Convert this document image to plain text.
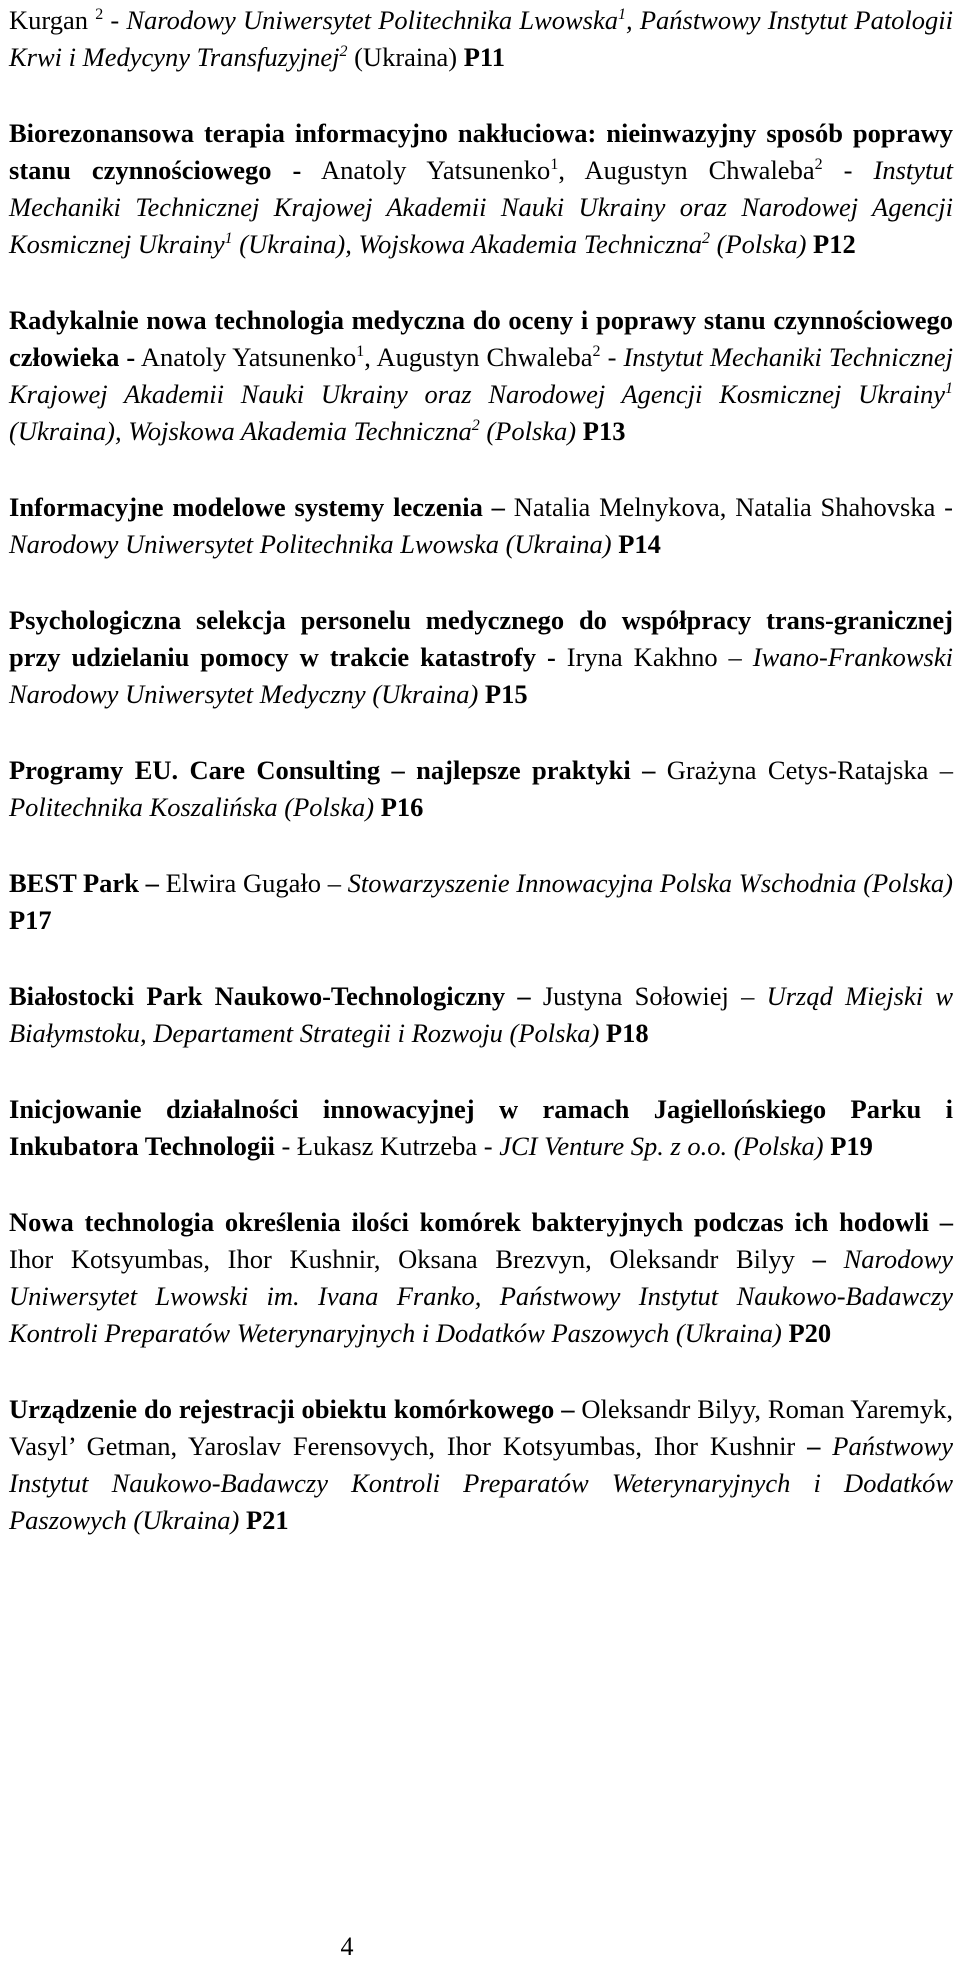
Kurgan $^2$ - Narodowy Uniwersytet Politechnika Lwowska$^1$, Państwowy Instytut Patologii Krwi i Medycyny Transfuzyjnej$^2$ (Ukraina) P11

Biorezonansowa terapia informacyjno nakłuciowa: nieinwazyjny sposób poprawy stanu czynnościowego - Anatoly Yatsunenko$^1$, Augustyn Chwaleba$^2$ - Instytut Mechaniki Technicznej Krajowej Akademii Nauki Ukrainy oraz Narodowej Agencji Kosmicznej Ukrainy$^1$ (Ukraina), Wojskowa Akademia Techniczna$^2$ (Polska) P12

Radykalnie nowa technologia medyczna do oceny i poprawy stanu czynnościowego człowieka - Anatoly Yatsunenko$^1$, Augustyn Chwaleba$^2$ - Instytut Mechaniki Technicznej Krajowej Akademii Nauki Ukrainy oraz Narodowej Agencji Kosmicznej Ukrainy$^1$ (Ukraina), Wojskowa Akademia Techniczna$^2$ (Polska) P13

Informacyjne modelowe systemy leczenia – Natalia Melnykova, Natalia Shahovska - Narodowy Uniwersytet Politechnika Lwowska (Ukraina) P14

Psychologiczna selekcja personelu medycznego do współpracy trans-granicznej przy udzielaniu pomocy w trakcie katastrofy - Iryna Kakhno – Iwano-Frankowski Narodowy Uniwersytet Medyczny (Ukraina) P15

Programy EU. Care Consulting – najlepsze praktyki – Grażyna Cetys-Ratajska – Politechnika Koszalińska (Polska) P16

BEST Park – Elwira Gugało – Stowarzyszenie Innowacyjna Polska Wschodnia (Polska) P17

Białostocki Park Naukowo-Technologiczny – Justyna Sołowiej – Urząd Miejski w Białymstoku, Departament Strategii i Rozwoju (Polska) P18

Inicjowanie działalności innowacyjnej w ramach Jagiellońskiego Parku i Inkubatora Technologii - Łukasz Kutrzeba - JCI Venture Sp. z o.o. (Polska) P19

Nowa technologia określenia ilości komórek bakteryjnych podczas ich hodowli – Ihor Kotsyumbas, Ihor Kushnir, Oksana Brezvyn, Oleksandr Bilyy – Narodowy Uniwersytet Lwowski im. Ivana Franko, Państwowy Instytut Naukowo-Badawczy Kontroli Preparatów Weterynaryjnych i Dodatków Paszowych (Ukraina) P20

Urządzenie do rejestracji obiektu komórkowego – Oleksandr Bilyy, Roman Yaremyk, Vasyl’ Getman, Yaroslav Ferensovych, Ihor Kotsyumbas, Ihor Kushnir – Państwowy Instytut Naukowo-Badawczy Kontroli Preparatów Weterynaryjnych i Dodatków Paszowych (Ukraina) P21

4
